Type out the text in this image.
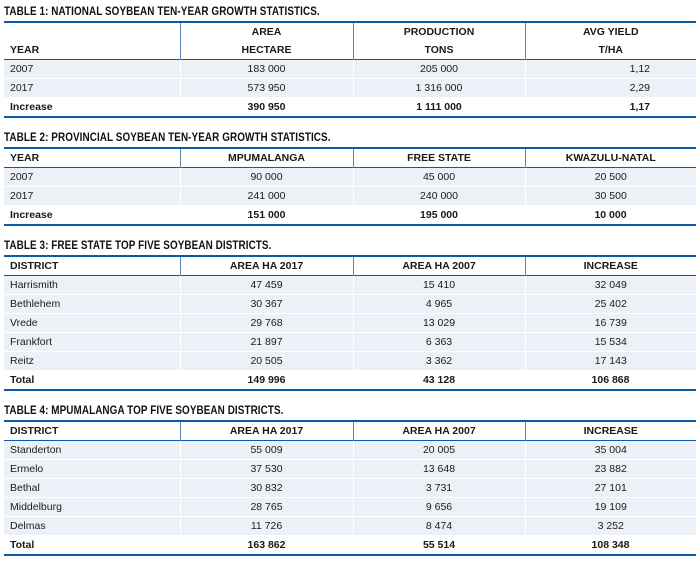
TABLE 1: NATIONAL SOYBEAN TEN-YEAR GROWTH STATISTICS.
	AREA	PRODUCTION	AVG YIELD
YEAR	HECTARE	TONS	T/HA
2007	183 000	205 000	1,12
2017	573 950	1 316 000	2,29
Increase	390 950	1 111 000	1,17
TABLE 2: PROVINCIAL SOYBEAN TEN-YEAR GROWTH STATISTICS.
YEAR	MPUMALANGA	FREE STATE	KWAZULU-NATAL
2007	90 000	45 000	20 500
2017	241 000	240 000	30 500
Increase	151 000	195 000	10 000
TABLE 3: FREE STATE TOP FIVE SOYBEAN DISTRICTS.
DISTRICT	AREA HA 2017	AREA HA 2007	INCREASE
Harrismith	47 459	15 410	32 049
Bethlehem	30 367	4 965	25 402
Vrede	29 768	13 029	16 739
Frankfort	21 897	6 363	15 534
Reitz	20 505	3 362	17 143
Total	149 996	43 128	106 868
TABLE 4: MPUMALANGA TOP FIVE SOYBEAN DISTRICTS.
DISTRICT	AREA HA 2017	AREA HA 2007	INCREASE
Standerton	55 009	20 005	35 004
Ermelo	37 530	13 648	23 882
Bethal	30 832	3 731	27 101
Middelburg	28 765	9 656	19 109
Delmas	11 726	8 474	3 252
Total	163 862	55 514	108 348
